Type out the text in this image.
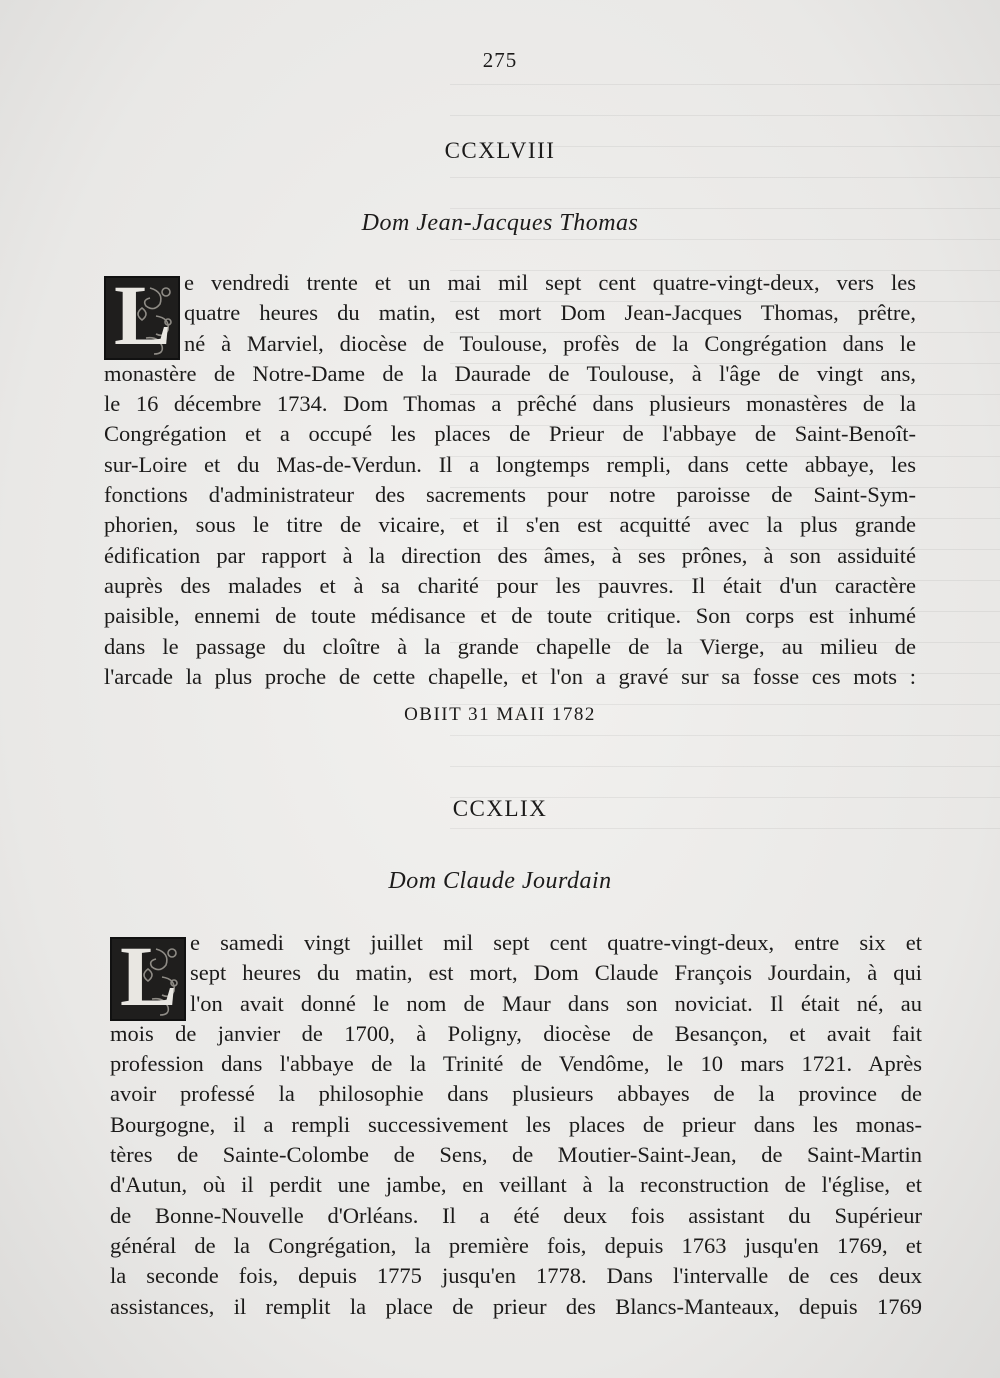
275
CCXLVIII
Dom Jean-Jacques Thomas
L e vendredi trente et un mai mil sept cent quatre-vingt-deux, vers les
quatre heures du matin, est mort Dom Jean-Jacques Thomas, prêtre,
né à Marviel, diocèse de Toulouse, profès de la Congrégation dans le
monastère de Notre-Dame de la Daurade de Toulouse, à l'âge de vingt ans,
le 16 décembre 1734. Dom Thomas a prêché dans plusieurs monastères de la
Congrégation et a occupé les places de Prieur de l'abbaye de Saint-Benoît-
sur-Loire et du Mas-de-Verdun. Il a longtemps rempli, dans cette abbaye, les
fonctions d'administrateur des sacrements pour notre paroisse de Saint-Sym-
phorien, sous le titre de vicaire, et il s'en est acquitté avec la plus grande
édification par rapport à la direction des âmes, à ses prônes, à son assiduité
auprès des malades et à sa charité pour les pauvres. Il était d'un caractère
paisible, ennemi de toute médisance et de toute critique. Son corps est inhumé
dans le passage du cloître à la grande chapelle de la Vierge, au milieu de
l'arcade la plus proche de cette chapelle, et l'on a gravé sur sa fosse ces mots :
OBIIT 31 MAII 1782
CCXLIX
Dom Claude Jourdain
L e samedi vingt juillet mil sept cent quatre-vingt-deux, entre six et
sept heures du matin, est mort, Dom Claude François Jourdain, à qui
l'on avait donné le nom de Maur dans son noviciat. Il était né, au
mois de janvier de 1700, à Poligny, diocèse de Besançon, et avait fait
profession dans l'abbaye de la Trinité de Vendôme, le 10 mars 1721. Après
avoir professé la philosophie dans plusieurs abbayes de la province de
Bourgogne, il a rempli successivement les places de prieur dans les monas-
tères de Sainte-Colombe de Sens, de Moutier-Saint-Jean, de Saint-Martin
d'Autun, où il perdit une jambe, en veillant à la reconstruction de l'église, et
de Bonne-Nouvelle d'Orléans. Il a été deux fois assistant du Supérieur
général de la Congrégation, la première fois, depuis 1763 jusqu'en 1769, et
la seconde fois, depuis 1775 jusqu'en 1778. Dans l'intervalle de ces deux
assistances, il remplit la place de prieur des Blancs-Manteaux, depuis 1769
